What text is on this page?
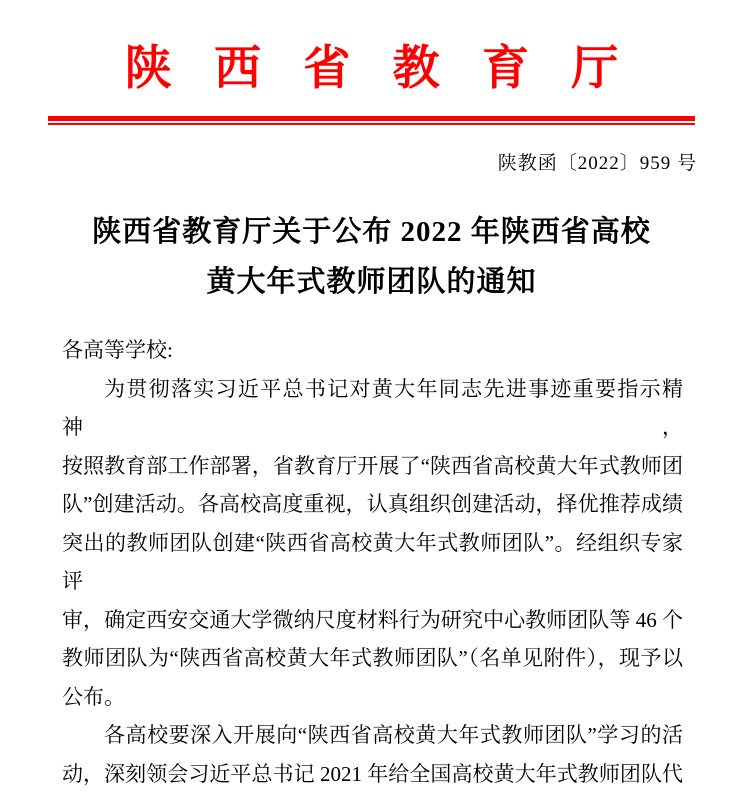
陕 西 省 教 育 厅
陕教函〔2022〕959 号
陕西省教育厅关于公布 2022 年陕西省高校
黄大年式教师团队的通知
各高等学校:
为贯彻落实习近平总书记对黄大年同志先进事迹重要指示精神，
按照教育部工作部署，省教育厅开展了“陕西省高校黄大年式教师团
队”创建活动。各高校高度重视，认真组织创建活动，择优推荐成绩
突出的教师团队创建“陕西省高校黄大年式教师团队”。经组织专家评
审，确定西安交通大学微纳尺度材料行为研究中心教师团队等 46 个
教师团队为“陕西省高校黄大年式教师团队”（名单见附件），现予以
公布。
各高校要深入开展向“陕西省高校黄大年式教师团队”学习的活
动，深刻领会习近平总书记 2021 年给全国高校黄大年式教师团队代
